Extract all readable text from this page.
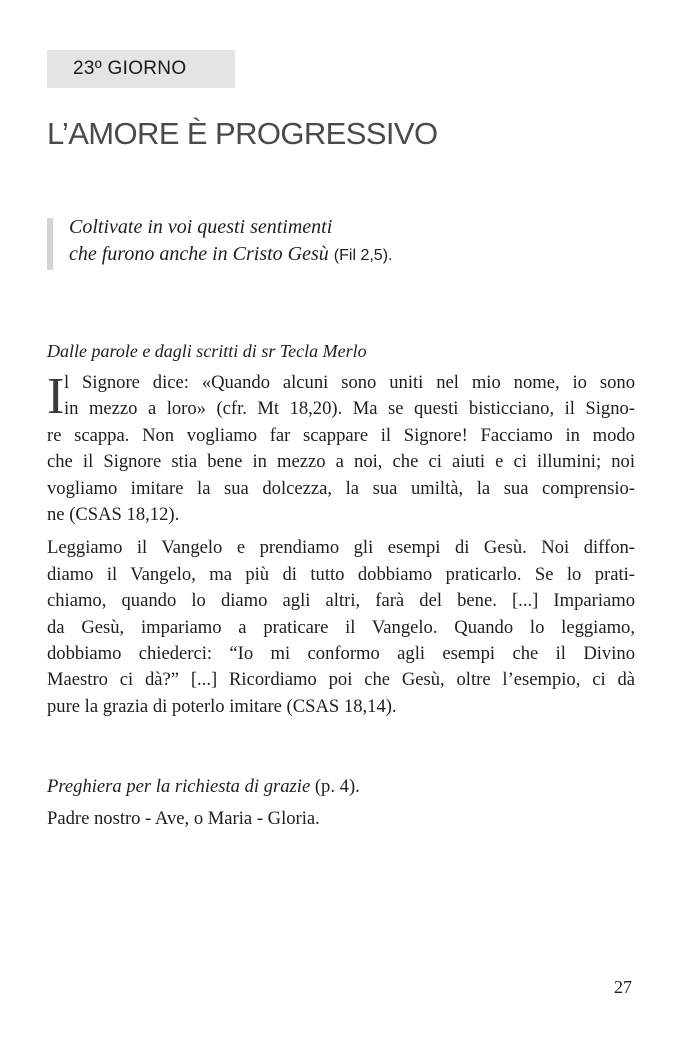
23º GIORNO
L’AMORE È PROGRESSIVO
Coltivate in voi questi sentimenti
che furono anche in Cristo Gesù (Fil 2,5).
Dalle parole e dagli scritti di sr Tecla Merlo
I l Signore dice: «Quando alcuni sono uniti nel mio nome, io sono
in mezzo a loro» (cfr. Mt 18,20). Ma se questi bisticciano, il Signo-
re scappa. Non vogliamo far scappare il Signore! Facciamo in modo
che il Signore stia bene in mezzo a noi, che ci aiuti e ci illumini; noi
vogliamo imitare la sua dolcezza, la sua umiltà, la sua comprensio-
ne (CSAS 18,12).
Leggiamo il Vangelo e prendiamo gli esempi di Gesù. Noi diffon-
diamo il Vangelo, ma più di tutto dobbiamo praticarlo. Se lo prati-
chiamo, quando lo diamo agli altri, farà del bene. [...] Impariamo
da Gesù, impariamo a praticare il Vangelo. Quando lo leggiamo,
dobbiamo chiederci: “Io mi conformo agli esempi che il Divino
Maestro ci dà?” [...] Ricordiamo poi che Gesù, oltre l’esempio, ci dà
pure la grazia di poterlo imitare (CSAS 18,14).
Preghiera per la richiesta di grazie (p. 4).
Padre nostro - Ave, o Maria - Gloria.
27
